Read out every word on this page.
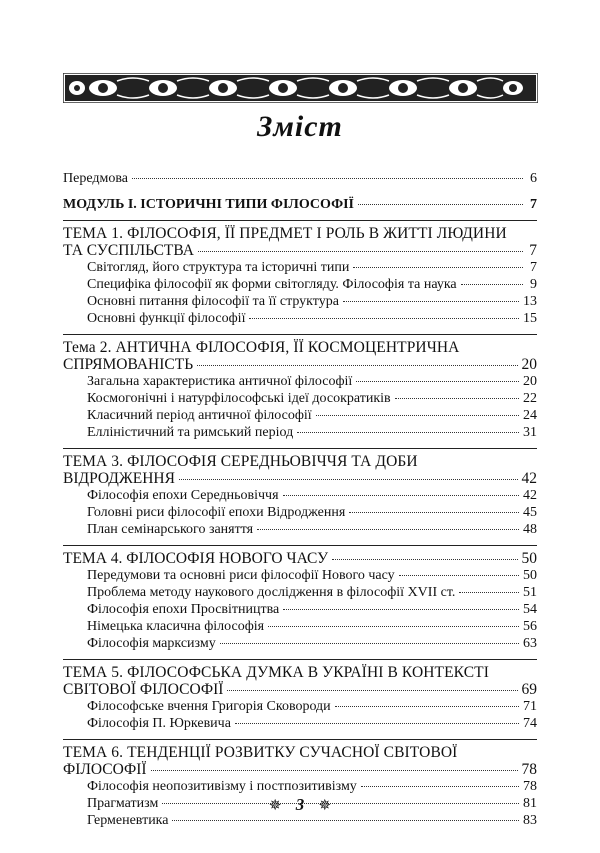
Зміст
Передмова	6
МОДУЛЬ І. ІСТОРИЧНІ ТИПИ ФІЛОСОФІЇ	7
ТЕМА 1. ФІЛОСОФІЯ, ЇЇ ПРЕДМЕТ І РОЛЬ В ЖИТТІ ЛЮДИНИ
ТА СУСПІЛЬСТВА	7
Світогляд, його структура та історичні типи	7
Специфіка філософії як форми світогляду. Філософія та наука	9
Основні питання філософії та її структура	13
Основні функції філософії	15
Тема 2. АНТИЧНА ФІЛОСОФІЯ, ЇЇ КОСМОЦЕНТРИЧНА
СПРЯМОВАНІСТЬ	20
Загальна характеристика античної філософії	20
Космогонічні і натурфілософські ідеї досократиків	22
Класичний період античної філософії	24
Елліністичний та римський період	31
ТЕМА 3. ФІЛОСОФІЯ СЕРЕДНЬОВІЧЧЯ ТА ДОБИ
ВІДРОДЖЕННЯ	42
Філософія епохи Середньовіччя	42
Головні риси філософії епохи Відродження	45
План семінарського заняття	48
ТЕМА 4. ФІЛОСОФІЯ НОВОГО ЧАСУ	50
Передумови та основні риси філософії Нового часу	50
Проблема методу наукового дослідження в філософії XVII ст.	51
Філософія епохи Просвітництва	54
Німецька класична філософія	56
Філософія марксизму	63
ТЕМА 5. ФІЛОСОФСЬКА ДУМКА В УКРАЇНІ В КОНТЕКСТІ
СВІТОВОЇ ФІЛОСОФІЇ	69
Філософське вчення Григорія Сковороди	71
Філософія П. Юркевича	74
ТЕМА 6. ТЕНДЕНЦІЇ РОЗВИТКУ СУЧАСНОЇ СВІТОВОЇ
ФІЛОСОФІЇ	78
Філософія неопозитивізму і постпозитивізму	78
Прагматизм	81
Герменевтика	83
✵ 3 ✵
